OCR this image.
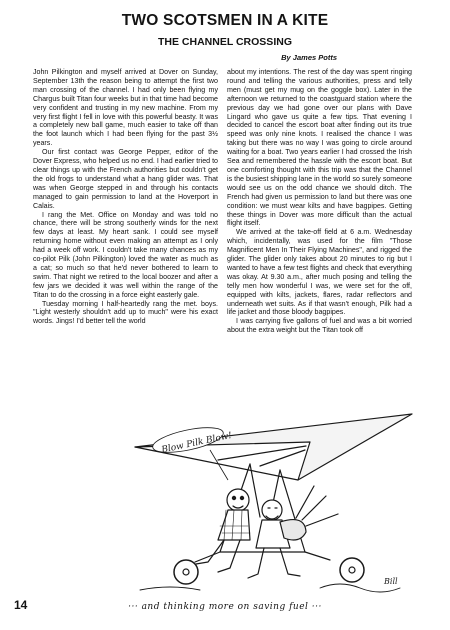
TWO SCOTSMEN IN A KITE
THE CHANNEL CROSSING
By James Potts

John Pilkington and myself arrived at Dover on Sunday, September 13th the reason being to attempt the first two man crossing of the channel. I had only been flying my Chargus built Titan four weeks but in that time had become very confident and trusting in my new machine. From my very first flight I fell in love with this powerful beasty. It was a completely new ball game, much easier to take off than the foot launch which I had been flying for the past 3½ years.

Our first contact was George Pepper, editor of the Dover Express, who helped us no end. I had earlier tried to clear things up with the French authorities but couldn't get the old frogs to understand what a hang glider was. That was when George stepped in and through his contacts managed to gain permission to land at the Hoverport in Calais.

I rang the Met. Office on Monday and was told no chance, there will be strong southerly winds for the next few days at least. My heart sank. I could see myself returning home without even making an attempt as I only had a week off work. I couldn't take many chances as my co-pilot Pilk (John Pilkington) loved the water as much as a cat; so much so that he'd never bothered to learn to swim. That night we retired to the local boozer and after a few jars we decided it was well within the range of the Titan to do the crossing in a force eight easterly gale.

Tuesday morning I half-heartedly rang the met. boys. "Light westerly shouldn't add up to much" were his exact words. Jings! I'd better tell the world

about my intentions. The rest of the day was spent ringing round and telling the various authorities, press and telly men (must get my mug on the goggle box). Later in the afternoon we returned to the coastguard station where the previous day we had gone over our plans with Dave Lingard who gave us quite a few tips. That evening I decided to cancel the escort boat after finding out its true speed was only nine knots. I realised the chance I was taking but there was no way I was going to circle around waiting for a boat. Two years earlier I had crossed the Irish Sea and remembered the hassle with the escort boat. But one comforting thought with this trip was that the Channel is the busiest shipping lane in the world so surely someone would see us on the odd chance we should ditch. The French had given us permission to land but there was one condition: we must wear kilts and have bagpipes. Getting these things in Dover was more difficult than the actual flight itself.

We arrived at the take-off field at 6 a.m. Wednesday which, incidentally, was used for the film "Those Magnificent Men In Their Flying Machines", and rigged the glider. The glider only takes about 20 minutes to rig but I wanted to have a few test flights and check that everything was okay. At 9.30 a.m., after much posing and telling the telly men how wonderful I was, we were set for the off, equipped with kilts, jackets, flares, radar reflectors and underneath wet suits. As if that wasn't enough, Pilk had a life jacket and those bloody bagpipes.

I was carrying five gallons of fuel and was a bit worried about the extra weight but the Titan took off

Blow Pilk Blow!
Bill
··· and thinking more on saving fuel ···
14
